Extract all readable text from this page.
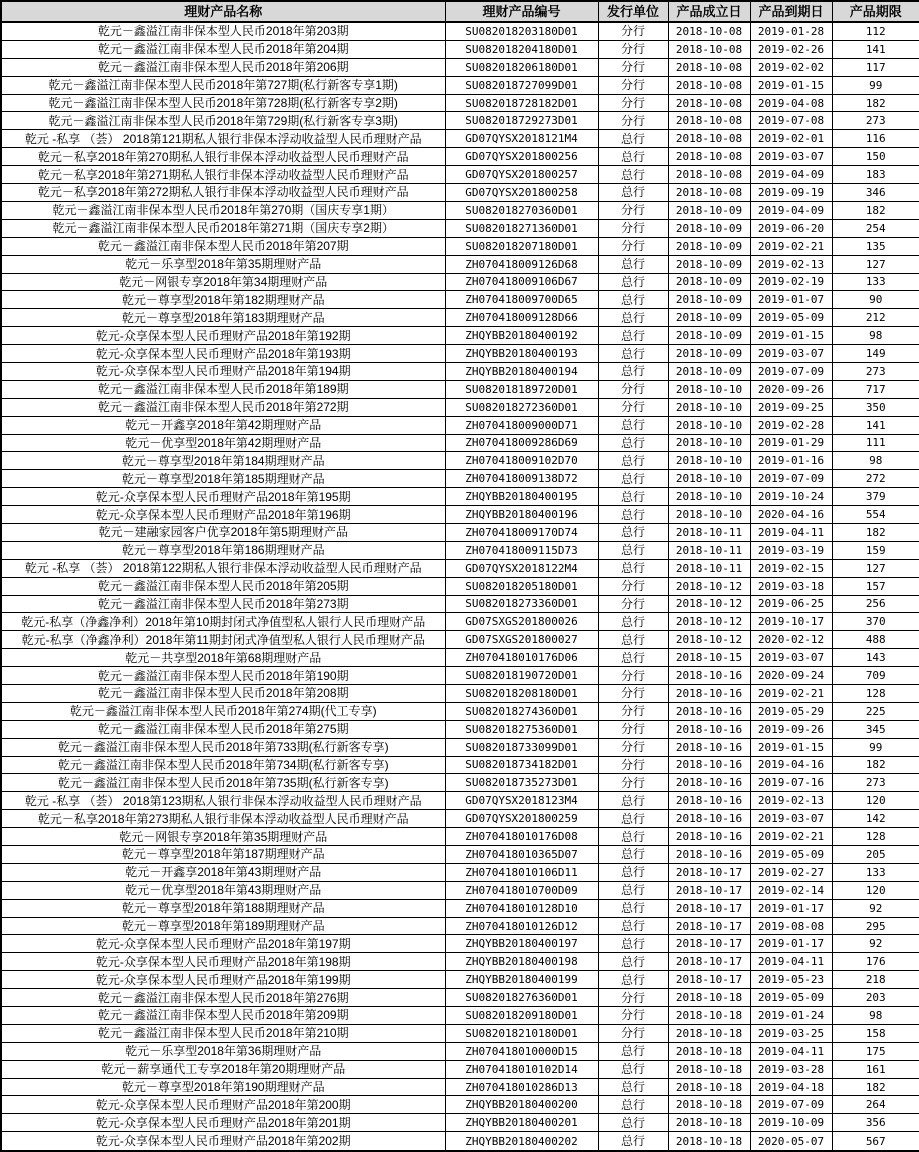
理财产品名称	理财产品编号	发行单位	产品成立日	产品到期日	产品期限
乾元－鑫溢江南非保本型人民币2018年第203期	SU082018203180D01	分行	2018-10-08	2019-01-28	112
乾元－鑫溢江南非保本型人民币2018年第204期	SU082018204180D01	分行	2018-10-08	2019-02-26	141
乾元－鑫溢江南非保本型人民币2018年第206期	SU082018206180D01	分行	2018-10-08	2019-02-02	117
乾元－鑫溢江南非保本型人民币2018年第727期(私行新客专享1期)	SU082018727099D01	分行	2018-10-08	2019-01-15	99
乾元－鑫溢江南非保本型人民币2018年第728期(私行新客专享2期)	SU082018728182D01	分行	2018-10-08	2019-04-08	182
乾元－鑫溢江南非保本型人民币2018年第729期(私行新客专享3期)	SU082018729273D01	分行	2018-10-08	2019-07-08	273
乾元 -私享 （荟） 2018第121期私人银行非保本浮动收益型人民币理财产品	GD07QYSX2018121M4	总行	2018-10-08	2019-02-01	116
乾元－私享2018年第270期私人银行非保本浮动收益型人民币理财产品	GD07QYSX201800256	总行	2018-10-08	2019-03-07	150
乾元－私享2018年第271期私人银行非保本浮动收益型人民币理财产品	GD07QYSX201800257	总行	2018-10-08	2019-04-09	183
乾元－私享2018年第272期私人银行非保本浮动收益型人民币理财产品	GD07QYSX201800258	总行	2018-10-08	2019-09-19	346
乾元－鑫溢江南非保本型人民币2018年第270期（国庆专享1期）	SU082018270360D01	分行	2018-10-09	2019-04-09	182
乾元－鑫溢江南非保本型人民币2018年第271期（国庆专享2期）	SU082018271360D01	分行	2018-10-09	2019-06-20	254
乾元－鑫溢江南非保本型人民币2018年第207期	SU082018207180D01	分行	2018-10-09	2019-02-21	135
乾元－乐享型2018年第35期理财产品	ZH070418009126D68	总行	2018-10-09	2019-02-13	127
乾元－网银专享2018年第34期理财产品	ZH070418009106D67	总行	2018-10-09	2019-02-19	133
乾元－尊享型2018年第182期理财产品	ZH070418009700D65	总行	2018-10-09	2019-01-07	90
乾元－尊享型2018年第183期理财产品	ZH070418009128D66	总行	2018-10-09	2019-05-09	212
乾元-众享保本型人民币理财产品2018年第192期	ZHQYBB20180400192	总行	2018-10-09	2019-01-15	98
乾元-众享保本型人民币理财产品2018年第193期	ZHQYBB20180400193	总行	2018-10-09	2019-03-07	149
乾元-众享保本型人民币理财产品2018年第194期	ZHQYBB20180400194	总行	2018-10-09	2019-07-09	273
乾元－鑫溢江南非保本型人民币2018年第189期	SU082018189720D01	分行	2018-10-10	2020-09-26	717
乾元－鑫溢江南非保本型人民币2018年第272期	SU082018272360D01	分行	2018-10-10	2019-09-25	350
乾元－开鑫享2018年第42期理财产品	ZH070418009000D71	总行	2018-10-10	2019-02-28	141
乾元－优享型2018年第42期理财产品	ZH070418009286D69	总行	2018-10-10	2019-01-29	111
乾元－尊享型2018年第184期理财产品	ZH070418009102D70	总行	2018-10-10	2019-01-16	98
乾元－尊享型2018年第185期理财产品	ZH070418009138D72	总行	2018-10-10	2019-07-09	272
乾元-众享保本型人民币理财产品2018年第195期	ZHQYBB20180400195	总行	2018-10-10	2019-10-24	379
乾元-众享保本型人民币理财产品2018年第196期	ZHQYBB20180400196	总行	2018-10-10	2020-04-16	554
乾元－建融家园客户优享2018年第5期理财产品	ZH070418009170D74	总行	2018-10-11	2019-04-11	182
乾元－尊享型2018年第186期理财产品	ZH070418009115D73	总行	2018-10-11	2019-03-19	159
乾元 -私享 （荟） 2018第122期私人银行非保本浮动收益型人民币理财产品	GD07QYSX2018122M4	总行	2018-10-11	2019-02-15	127
乾元－鑫溢江南非保本型人民币2018年第205期	SU082018205180D01	分行	2018-10-12	2019-03-18	157
乾元－鑫溢江南非保本型人民币2018年第273期	SU082018273360D01	分行	2018-10-12	2019-06-25	256
乾元-私享（净鑫净利）2018年第10期封闭式净值型私人银行人民币理财产品	GD07SXGS201800026	总行	2018-10-12	2019-10-17	370
乾元-私享（净鑫净利）2018年第11期封闭式净值型私人银行人民币理财产品	GD07SXGS201800027	总行	2018-10-12	2020-02-12	488
乾元－共享型2018年第68期理财产品	ZH070418010176D06	总行	2018-10-15	2019-03-07	143
乾元－鑫溢江南非保本型人民币2018年第190期	SU082018190720D01	分行	2018-10-16	2020-09-24	709
乾元－鑫溢江南非保本型人民币2018年第208期	SU082018208180D01	分行	2018-10-16	2019-02-21	128
乾元－鑫溢江南非保本型人民币2018年第274期(代工专享)	SU082018274360D01	分行	2018-10-16	2019-05-29	225
乾元－鑫溢江南非保本型人民币2018年第275期	SU082018275360D01	分行	2018-10-16	2019-09-26	345
乾元－鑫溢江南非保本型人民币2018年第733期(私行新客专享)	SU082018733099D01	分行	2018-10-16	2019-01-15	99
乾元－鑫溢江南非保本型人民币2018年第734期(私行新客专享)	SU082018734182D01	分行	2018-10-16	2019-04-16	182
乾元－鑫溢江南非保本型人民币2018年第735期(私行新客专享)	SU082018735273D01	分行	2018-10-16	2019-07-16	273
乾元 -私享 （荟） 2018第123期私人银行非保本浮动收益型人民币理财产品	GD07QYSX2018123M4	总行	2018-10-16	2019-02-13	120
乾元－私享2018年第273期私人银行非保本浮动收益型人民币理财产品	GD07QYSX201800259	总行	2018-10-16	2019-03-07	142
乾元－网银专享2018年第35期理财产品	ZH070418010176D08	总行	2018-10-16	2019-02-21	128
乾元－尊享型2018年第187期理财产品	ZH070418010365D07	总行	2018-10-16	2019-05-09	205
乾元－开鑫享2018年第43期理财产品	ZH070418010106D11	总行	2018-10-17	2019-02-27	133
乾元－优享型2018年第43期理财产品	ZH070418010700D09	总行	2018-10-17	2019-02-14	120
乾元－尊享型2018年第188期理财产品	ZH070418010128D10	总行	2018-10-17	2019-01-17	92
乾元－尊享型2018年第189期理财产品	ZH070418010126D12	总行	2018-10-17	2019-08-08	295
乾元-众享保本型人民币理财产品2018年第197期	ZHQYBB20180400197	总行	2018-10-17	2019-01-17	92
乾元-众享保本型人民币理财产品2018年第198期	ZHQYBB20180400198	总行	2018-10-17	2019-04-11	176
乾元-众享保本型人民币理财产品2018年第199期	ZHQYBB20180400199	总行	2018-10-17	2019-05-23	218
乾元－鑫溢江南非保本型人民币2018年第276期	SU082018276360D01	分行	2018-10-18	2019-05-09	203
乾元－鑫溢江南非保本型人民币2018年第209期	SU082018209180D01	分行	2018-10-18	2019-01-24	98
乾元－鑫溢江南非保本型人民币2018年第210期	SU082018210180D01	分行	2018-10-18	2019-03-25	158
乾元－乐享型2018年第36期理财产品	ZH070418010000D15	总行	2018-10-18	2019-04-11	175
乾元－薪享通代工专享2018年第20期理财产品	ZH070418010102D14	总行	2018-10-18	2019-03-28	161
乾元－尊享型2018年第190期理财产品	ZH070418010286D13	总行	2018-10-18	2019-04-18	182
乾元-众享保本型人民币理财产品2018年第200期	ZHQYBB20180400200	总行	2018-10-18	2019-07-09	264
乾元-众享保本型人民币理财产品2018年第201期	ZHQYBB20180400201	总行	2018-10-18	2019-10-09	356
乾元-众享保本型人民币理财产品2018年第202期	ZHQYBB20180400202	总行	2018-10-18	2020-05-07	567
